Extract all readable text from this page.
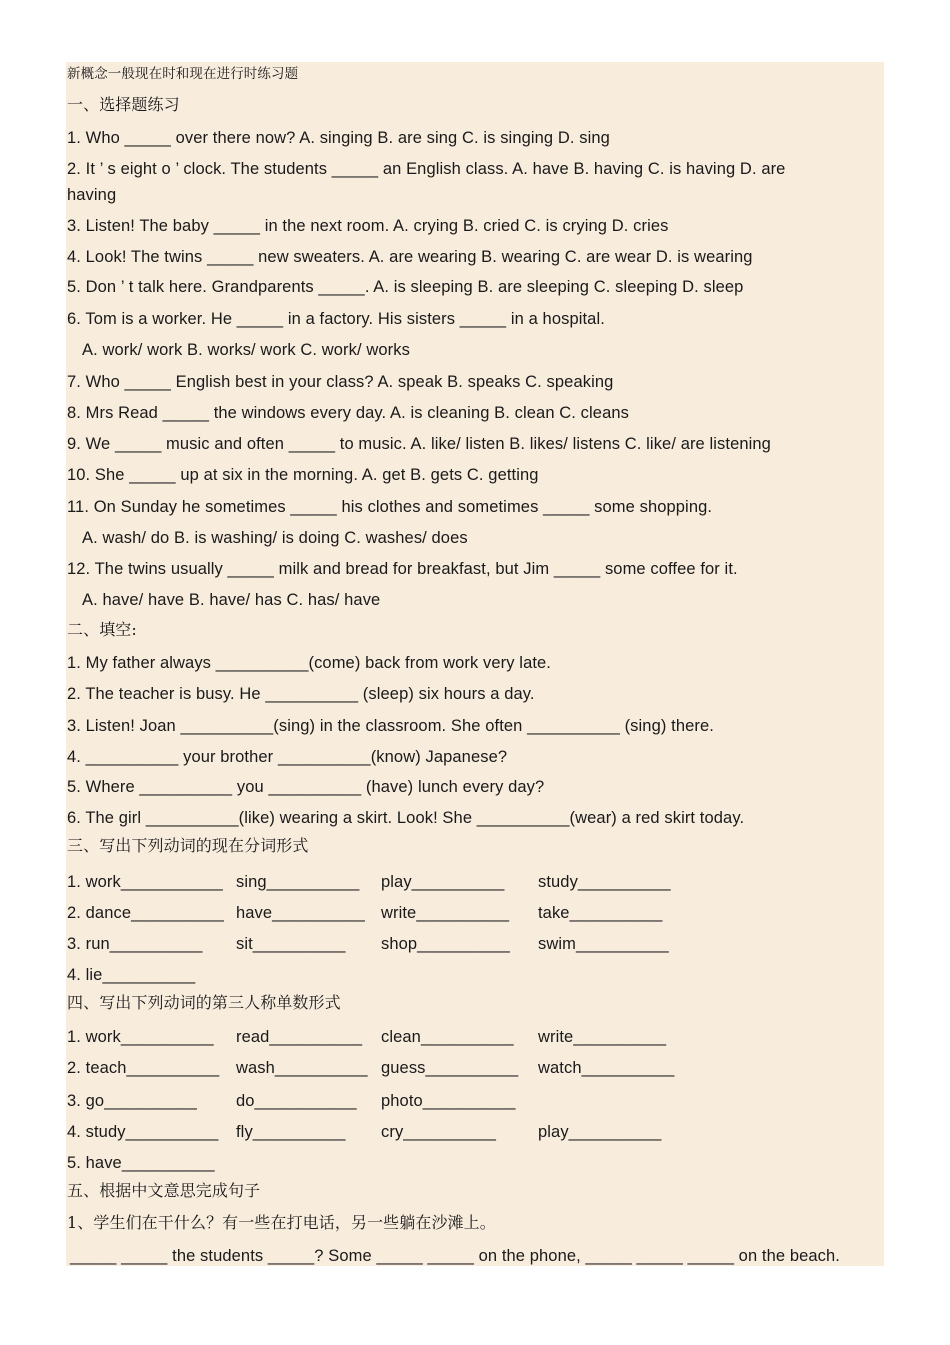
新概念一般现在时和现在进行时练习题
一、选择题练习
1. Who _____ over there now? A. singing B. are sing C. is singing D. sing
2. It ’ s eight o ’ clock. The students _____ an English class. A. have B. having C. is having D. are
having
3. Listen! The baby _____ in the next room. A. crying B. cried C. is crying D. cries
4. Look! The twins _____ new sweaters. A. are wearing B. wearing C. are wear D. is wearing
5. Don ’ t talk here. Grandparents _____. A. is sleeping B. are sleeping C. sleeping D. sleep
6. Tom is a worker. He _____ in a factory. His sisters _____ in a hospital.
A. work/ work B. works/ work C. work/ works
7. Who _____ English best in your class? A. speak B. speaks C. speaking
8. Mrs Read _____ the windows every day. A. is cleaning B. clean C. cleans
9. We _____ music and often _____ to music. A. like/ listen B. likes/ listens C. like/ are listening
10. She _____ up at six in the morning. A. get B. gets C. getting
11. On Sunday he sometimes _____ his clothes and sometimes _____ some shopping.
A. wash/ do B. is washing/ is doing C. washes/ does
12. The twins usually _____ milk and bread for breakfast, but Jim _____ some coffee for it.
A. have/ have B. have/ has C. has/ have
二、填空:
1. My father always __________(come) back from work very late.
2. The teacher is busy. He __________ (sleep) six hours a day.
3. Listen! Joan __________(sing) in the classroom. She often __________ (sing) there.
4. __________ your brother __________(know) Japanese?
5. Where __________ you __________ (have) lunch every day?
6. The girl __________(like) wearing a skirt. Look! She __________(wear) a red skirt today.
三、写出下列动词的现在分词形式
1. work___________ sing__________ play__________ study__________
2. dance__________ have__________ write__________ take__________
3. run__________ sit__________ shop__________ swim__________
4. lie__________
四、写出下列动词的第三人称单数形式
1. work__________ read__________ clean__________ write__________
2. teach__________ wash__________ guess__________ watch__________
3. go__________ do___________ photo__________
4. study__________ fly__________ cry__________	play__________
5. have__________
五、根据中文意思完成句子
1、学生们在干什么？有一些在打电话，另一些躺在沙滩上。
_____ _____ the students _____? Some _____ _____ on the phone, _____ _____ _____ on the beach.
